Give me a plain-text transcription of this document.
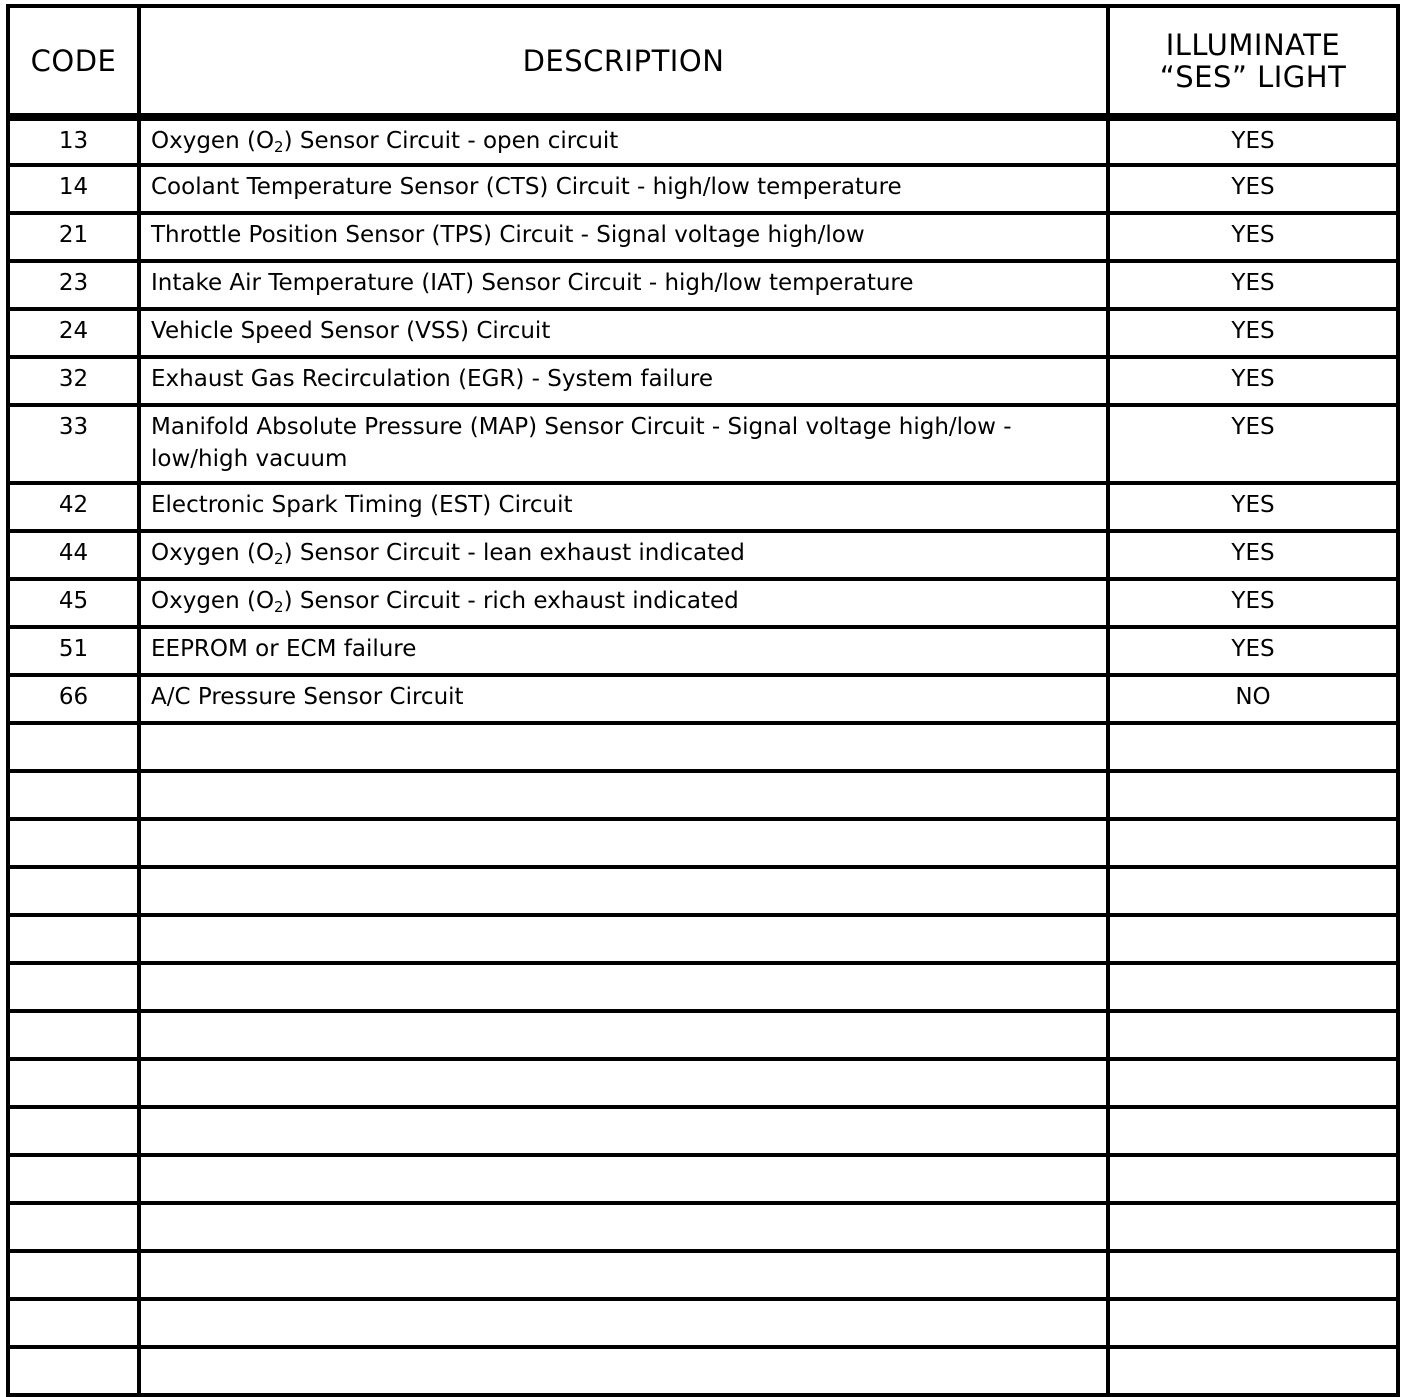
CODE	DESCRIPTION	ILLUMINATE
“SES” LIGHT

13	Oxygen $(O_2)$ Sensor Circuit - open circuit	YES
14	Coolant Temperature Sensor (CTS) Circuit - high/low temperature	YES
21	Throttle Position Sensor (TPS) Circuit - Signal voltage high/low	YES
23	Intake Air Temperature (IAT) Sensor Circuit - high/low temperature	YES
24	Vehicle Speed Sensor (VSS) Circuit	YES
32	Exhaust Gas Recirculation (EGR) - System failure	YES
33	Manifold Absolute Pressure (MAP) Sensor Circuit - Signal voltage high/low - low/high vacuum	YES
42	Electronic Spark Timing (EST) Circuit	YES
44	Oxygen $(O_2)$ Sensor Circuit - lean exhaust indicated	YES
45	Oxygen $(O_2)$ Sensor Circuit - rich exhaust indicated	YES
51	EEPROM or ECM failure	YES
66	A/C Pressure Sensor Circuit	NO
